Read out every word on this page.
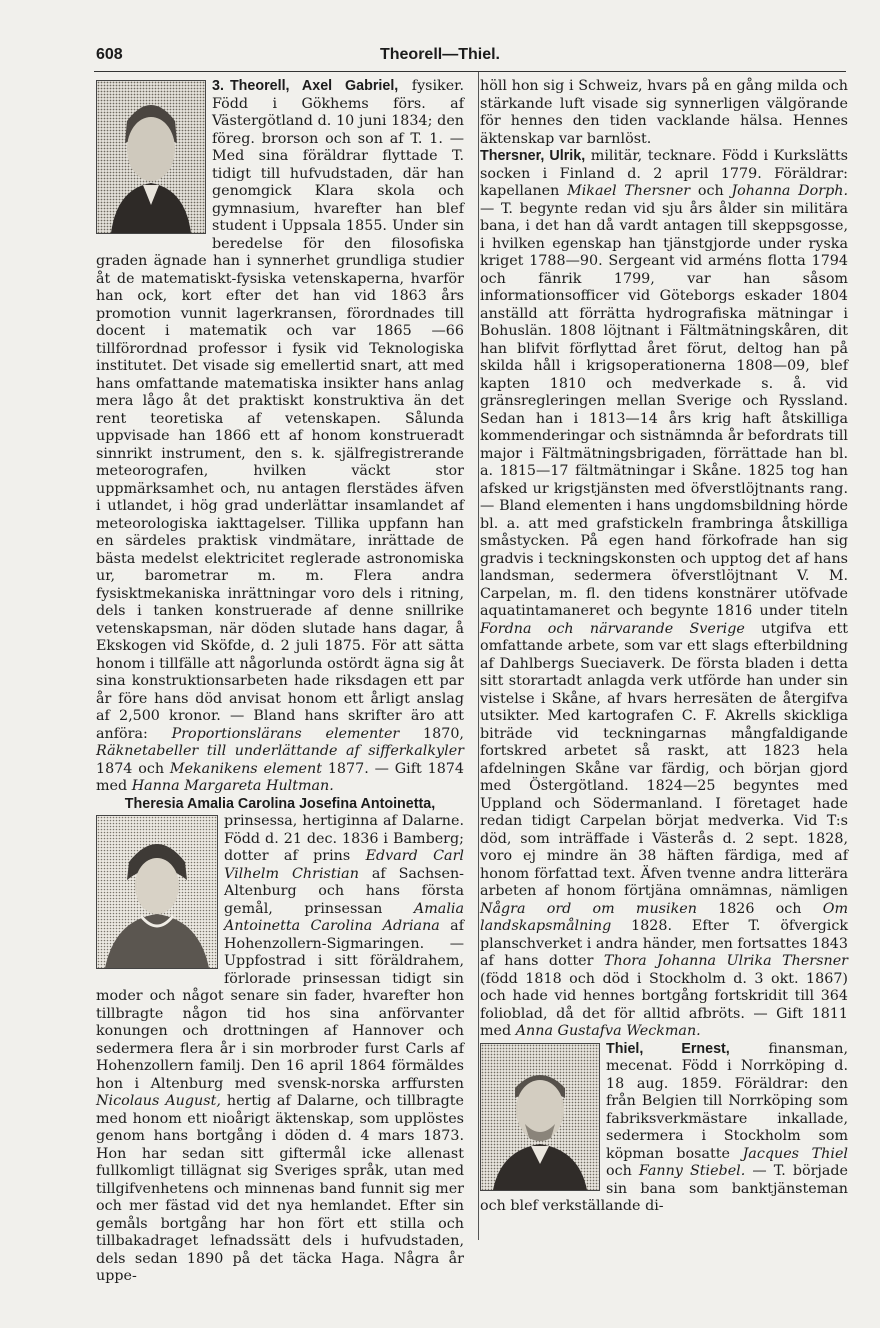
608	Theorell—Thiel.

3. Theorell, Axel Gabriel, fysiker. Född i Gökhems förs. af Västergötland d. 10 juni 1834; den föreg. brorson och son af T. 1. — Med sina föräldrar flyttade T. tidigt till hufvudstaden, där han genomgick Klara skola och gymnasium, hvarefter han blef student i Uppsala 1855. Under sin beredelse för den filosofiska graden ägnade han i synnerhet grundliga studier åt de matematiskt-fysiska vetenskaperna, hvarför han ock, kort efter det han vid 1863 års promotion vunnit lagerkransen, förordnades till docent i matematik och var 1865 —66 tillförordnad professor i fysik vid Teknologiska institutet. Det visade sig emellertid snart, att med hans omfattande matematiska insikter hans anlag mera lågo åt det praktiskt konstruktiva än det rent teoretiska af vetenskapen. Sålunda uppvisade han 1866 ett af honom konstrueradt sinnrikt instrument, den s. k. själfregistrerande meteorografen, hvilken väckt stor uppmärksamhet och, nu antagen flerstädes äfven i utlandet, i hög grad underlättar insamlandet af meteorologiska iakttagelser. Tillika uppfann han en särdeles praktisk vindmätare, inrättade de bästa medelst elektricitet reglerade astronomiska ur, barometrar m. m. Flera andra fysisktmekaniska inrättningar voro dels i ritning, dels i tanken konstruerade af denne snillrike vetenskapsman, när döden slutade hans dagar, å Ekskogen vid Sköfde, d. 2 juli 1875. För att sätta honom i tillfälle att någorlunda ostördt ägna sig åt sina konstruktionsarbeten hade riksdagen ett par år före hans död anvisat honom ett årligt anslag af 2,500 kronor. — Bland hans skrifter äro att anföra: Proportionslärans elementer 1870, Räknetabeller till underlättande af sifferkalkyler 1874 och Mekanikens element 1877. — Gift 1874 med Hanna Margareta Hultman.

Theresia Amalia Carolina Josefina Antoinetta,

prinsessa, hertiginna af Dalarne. Född d. 21 dec. 1836 i Bamberg; dotter af prins Edvard Carl Vilhelm Christian af Sachsen-Altenburg och hans första gemål, prinsessan Amalia Antoinetta Carolina Adriana af Hohenzollern-Sigmaringen. — Uppfostrad i sitt föräldrahem, förlorade prinsessan tidigt sin moder och något senare sin fader, hvarefter hon tillbragte någon tid hos sina anförvanter konungen och drottningen af Hannover och sedermera flera år i sin morbroder furst Carls af Hohenzollern familj. Den 16 april 1864 förmäldes hon i Altenburg med svensk-norska arffursten Nicolaus August, hertig af Dalarne, och tillbragte med honom ett nioårigt äktenskap, som upplöstes genom hans bortgång i döden d. 4 mars 1873. Hon har sedan sitt giftermål icke allenast fullkomligt tillägnat sig Sveriges språk, utan med tillgifvenhetens och minnenas band funnit sig mer och mer fästad vid det nya hemlandet. Efter sin gemåls bortgång har hon fört ett stilla och tillbakadraget lefnadssätt dels i hufvudstaden, dels sedan 1890 på det täcka Haga. Några år uppe-

höll hon sig i Schweiz, hvars på en gång milda och stärkande luft visade sig synnerligen välgörande för hennes den tiden vacklande hälsa. Hennes äktenskap var barnlöst.

Thersner, Ulrik, militär, tecknare. Född i Kurkslätts socken i Finland d. 2 april 1779. Föräldrar: kapellanen Mikael Thersner och Johanna Dorph. — T. begynte redan vid sju års ålder sin militära bana, i det han då vardt antagen till skeppsgosse, i hvilken egenskap han tjänstgjorde under ryska kriget 1788—90. Sergeant vid arméns flotta 1794 och fänrik 1799, var han såsom informationsofficer vid Göteborgs eskader 1804 anställd att förrätta hydrografiska mätningar i Bohuslän. 1808 löjtnant i Fältmätningskåren, dit han blifvit förflyttad året förut, deltog han på skilda håll i krigsoperationerna 1808—09, blef kapten 1810 och medverkade s. å. vid gränsregleringen mellan Sverige och Ryssland. Sedan han i 1813—14 års krig haft åtskilliga kommenderingar och sistnämnda år befordrats till major i Fältmätningsbrigaden, förrättade han bl. a. 1815—17 fältmätningar i Skåne. 1825 tog han afsked ur krigstjänsten med öfverstlöjtnants rang. — Bland elementen i hans ungdomsbildning hörde bl. a. att med grafstickeln frambringa åtskilliga småstycken. På egen hand förkofrade han sig gradvis i teckningskonsten och upptog det af hans landsman, sedermera öfverstlöjtnant V. M. Carpelan, m. fl. den tidens konstnärer utöfvade aquatintamaneret och begynte 1816 under titeln Fordna och närvarande Sverige utgifva ett omfattande arbete, som var ett slags efterbildning af Dahlbergs Sueciaverk. De första bladen i detta sitt storartadt anlagda verk utförde han under sin vistelse i Skåne, af hvars herresäten de återgifva utsikter. Med kartografen C. F. Akrells skickliga biträde vid teckningarnas mångfaldigande fortskred arbetet så raskt, att 1823 hela afdelningen Skåne var färdig, och början gjord med Östergötland. 1824—25 begyntes med Uppland och Södermanland. I företaget hade redan tidigt Carpelan börjat medverka. Vid T:s död, som inträffade i Västerås d. 2 sept. 1828, voro ej mindre än 38 häften färdiga, med af honom författad text. Äfven tvenne andra litterära arbeten af honom förtjäna omnämnas, nämligen Några ord om musiken 1826 och Om landskapsmålning 1828. Efter T. öfvergick planschverket i andra händer, men fortsattes 1843 af hans dotter Thora Johanna Ulrika Thersner (född 1818 och död i Stockholm d. 3 okt. 1867) och hade vid hennes bortgång fortskridit till 364 folioblad, då det för alltid afbröts. — Gift 1811 med Anna Gustafva Weckman.

Thiel, Ernest, finansman, mecenat. Född i Norrköping d. 18 aug. 1859. Föräldrar: den från Belgien till Norrköping som fabriksverkmästare inkallade, sedermera i Stockholm som köpman bosatte Jacques Thiel och Fanny Stiebel. — T. började sin bana som banktjänsteman och blef verkställande di-
